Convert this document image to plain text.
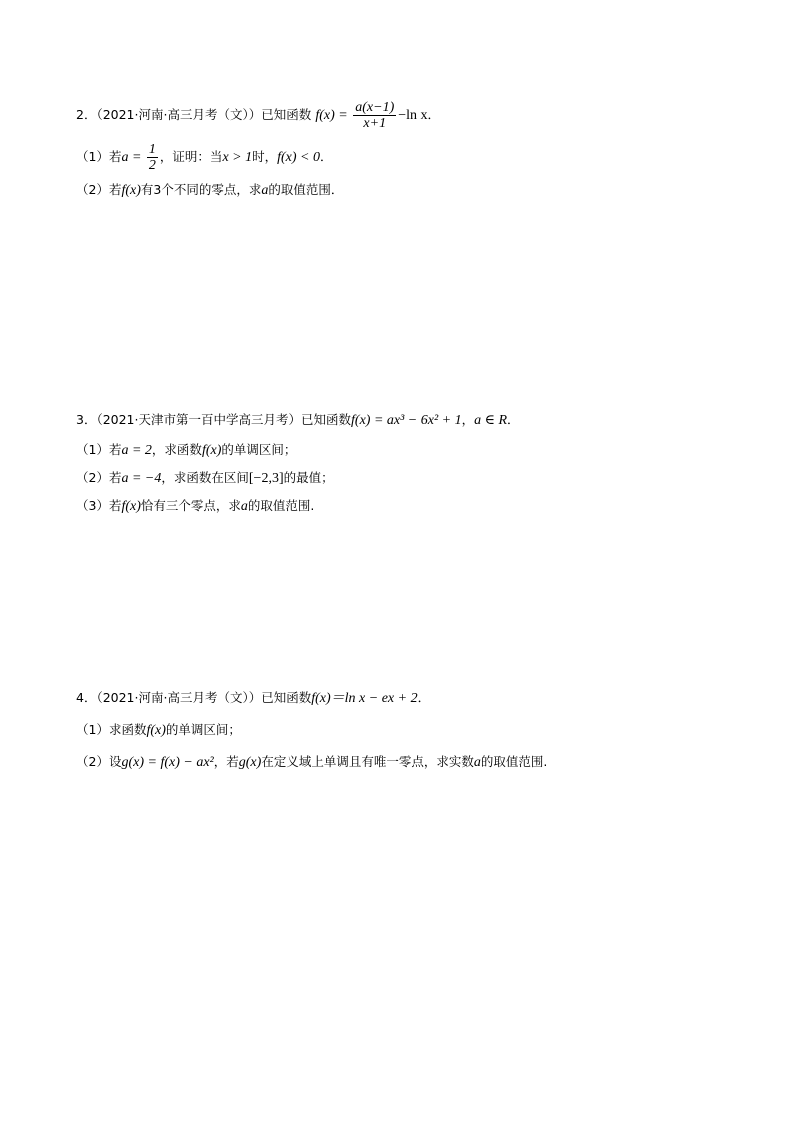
2．（2021·河南·高三月考（文））已知函数 $f(x) = \frac{a(x-1)}{x+1} -\ln$ x．
（1）若$a = \frac{1}{2}$ ，证明：当x > 1时，f(x) < 0．
（2）若f(x)有3个不同的零点，求a的取值范围．
3．（2021·天津市第一百中学高三月考）已知函数f(x) = ax³ − 6x² + 1，a ∈ R．
（1）若a = 2，求函数f(x)的单调区间；
（2）若a = −4，求函数在区间[−2,3]的最值；
（3）若f(x)恰有三个零点，求a的取值范围.
4．（2021·河南·高三月考（文））已知函数f(x)＝ln x − ex + 2．
（1）求函数f(x)的单调区间；
（2）设g(x) = f(x) − ax²，若g(x)在定义域上单调且有唯一零点，求实数a的取值范围.
